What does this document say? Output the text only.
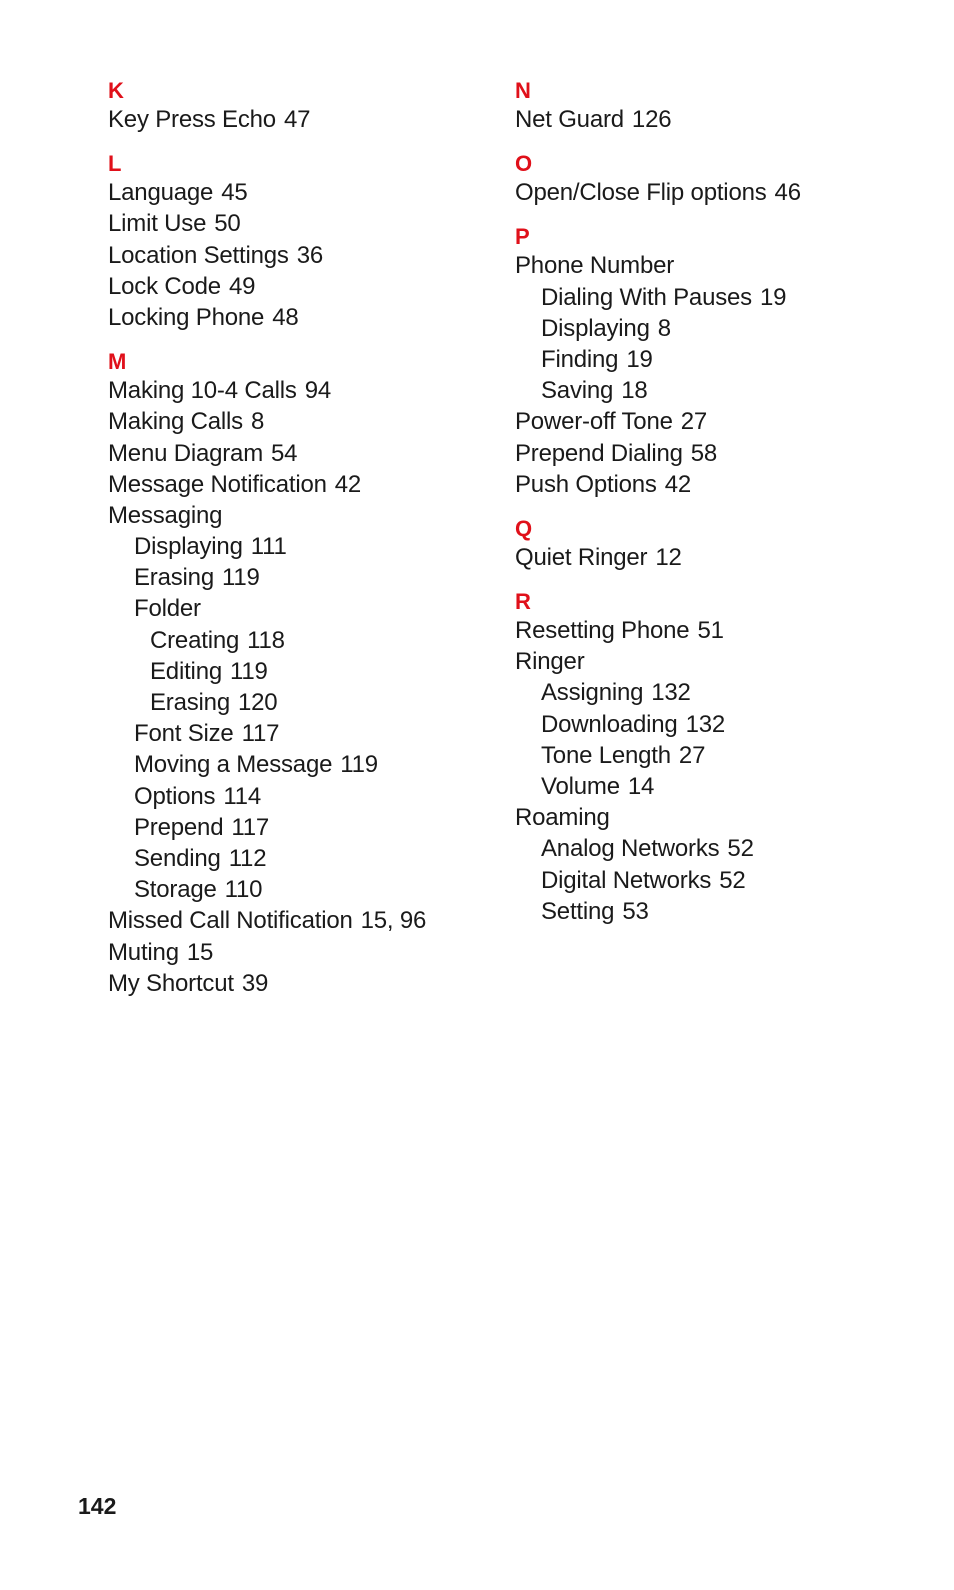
K
Key Press Echo 47
L
Language 45
Limit Use 50
Location Settings 36
Lock Code 49
Locking Phone 48
M
Making 10-4 Calls 94
Making Calls 8
Menu Diagram 54
Message Notification 42
Messaging
Displaying 111
Erasing 119
Folder
Creating 118
Editing 119
Erasing 120
Font Size 117
Moving a Message 119
Options 114
Prepend 117
Sending 112
Storage 110
Missed Call Notification 15, 96
Muting 15
My Shortcut 39
N
Net Guard 126
O
Open/Close Flip options 46
P
Phone Number
Dialing With Pauses 19
Displaying 8
Finding 19
Saving 18
Power-off Tone 27
Prepend Dialing 58
Push Options 42
Q
Quiet Ringer 12
R
Resetting Phone 51
Ringer
Assigning 132
Downloading 132
Tone Length 27
Volume 14
Roaming
Analog Networks 52
Digital Networks 52
Setting 53
142
